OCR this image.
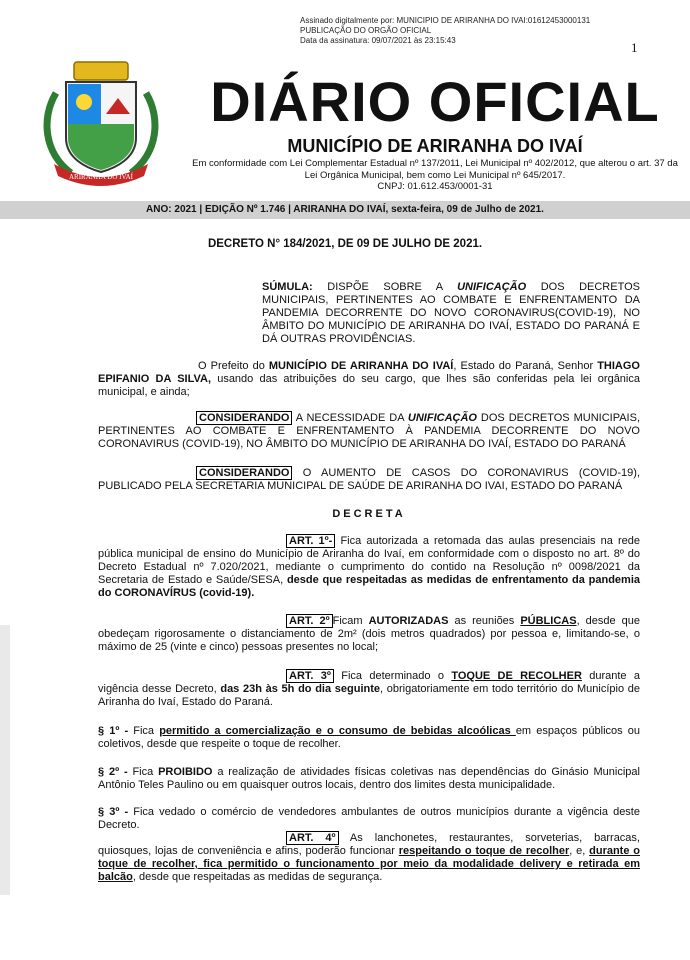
Assinado digitalmente por: MUNICIPIO DE ARIRANHA DO IVAI:01612453000131
PUBLICAÇÃO DO ORGÃO OFICIAL
Data da assinatura: 09/07/2021 às 23:15:43	1
ARIRANHA DO IVAÍ
DIÁRIO OFICIAL
MUNICÍPIO DE ARIRANHA DO IVAÍ
Em conformidade com Lei Complementar Estadual nº 137/2011, Lei Municipal nº 402/2012, que alterou o art. 37 da
Lei Orgânica Municipal, bem como Lei Municipal nº 645/2017.
CNPJ: 01.612.453/0001-31
ANO: 2021 | EDIÇÃO Nº 1.746 | ARIRANHA DO IVAÍ, sexta-feira, 09 de Julho de 2021.
DECRETO N° 184/2021, DE 09 DE JULHO DE 2021.
SÚMULA: DISPÕE SOBRE A UNIFICAÇÃO DOS DECRETOS MUNICIPAIS, PERTINENTES AO COMBATE E ENFRENTAMENTO DA PANDEMIA DECORRENTE DO NOVO CORONAVIRUS(COVID-19), NO ÂMBITO DO MUNICÍPIO DE ARIRANHA DO IVAÍ, ESTADO DO PARANÁ E DÁ OUTRAS PROVIDÊNCIAS.
O Prefeito do MUNICÍPIO DE ARIRANHA DO IVAÍ, Estado do Paraná, Senhor THIAGO EPIFANIO DA SILVA, usando das atribuições do seu cargo, que lhes são conferidas pela lei orgânica municipal, e ainda;
CONSIDERANDO A NECESSIDADE DA UNIFICAÇÃO DOS DECRETOS MUNICIPAIS, PERTINENTES AO COMBATE E ENFRENTAMENTO À PANDEMIA DECORRENTE DO NOVO CORONAVIRUS (COVID-19), NO ÂMBITO DO MUNICÍPIO DE ARIRANHA DO IVAÍ, ESTADO DO PARANÁ
CONSIDERANDO O AUMENTO DE CASOS DO CORONAVIRUS (COVID-19), PUBLICADO PELA SECRETARIA MUNICIPAL DE SAÚDE DE ARIRANHA DO IVAI, ESTADO DO PARANÁ
DECRETA
ART. 1º- Fica autorizada a retomada das aulas presenciais na rede pública municipal de ensino do Município de Ariranha do Ivaí, em conformidade com o disposto no art. 8º do Decreto Estadual nº 7.020/2021, mediante o cumprimento do contido na Resolução nº 0098/2021 da Secretaria de Estado e Saúde/SESA, desde que respeitadas as medidas de enfrentamento da pandemia do CORONAVÍRUS (covid-19).
ART. 2º Ficam AUTORIZADAS as reuniões PÚBLICAS, desde que obedeçam rigorosamente o distanciamento de 2m² (dois metros quadrados) por pessoa e, limitando-se, o máximo de 25 (vinte e cinco) pessoas presentes no local;
ART. 3º Fica determinado o TOQUE DE RECOLHER durante a vigência desse Decreto, das 23h às 5h do dia seguinte, obrigatoriamente em todo território do Município de Ariranha do Ivaí, Estado do Paraná.
§ 1º - Fica permitido a comercialização e o consumo de bebidas alcoólicas em espaços públicos ou coletivos, desde que respeite o toque de recolher.
§ 2º - Fica PROIBIDO a realização de atividades físicas coletivas nas dependências do Ginásio Municipal Antônio Teles Paulino ou em quaisquer outros locais, dentro dos limites desta municipalidade.
§ 3º - Fica vedado o comércio de vendedores ambulantes de outros municípios durante a vigência deste Decreto.
ART. 4º As lanchonetes, restaurantes, sorveterias, barracas, quiosques, lojas de conveniência e afins, poderão funcionar respeitando o toque de recolher, e, durante o toque de recolher, fica permitido o funcionamento por meio da modalidade delivery e retirada em balcão, desde que respeitadas as medidas de segurança.
